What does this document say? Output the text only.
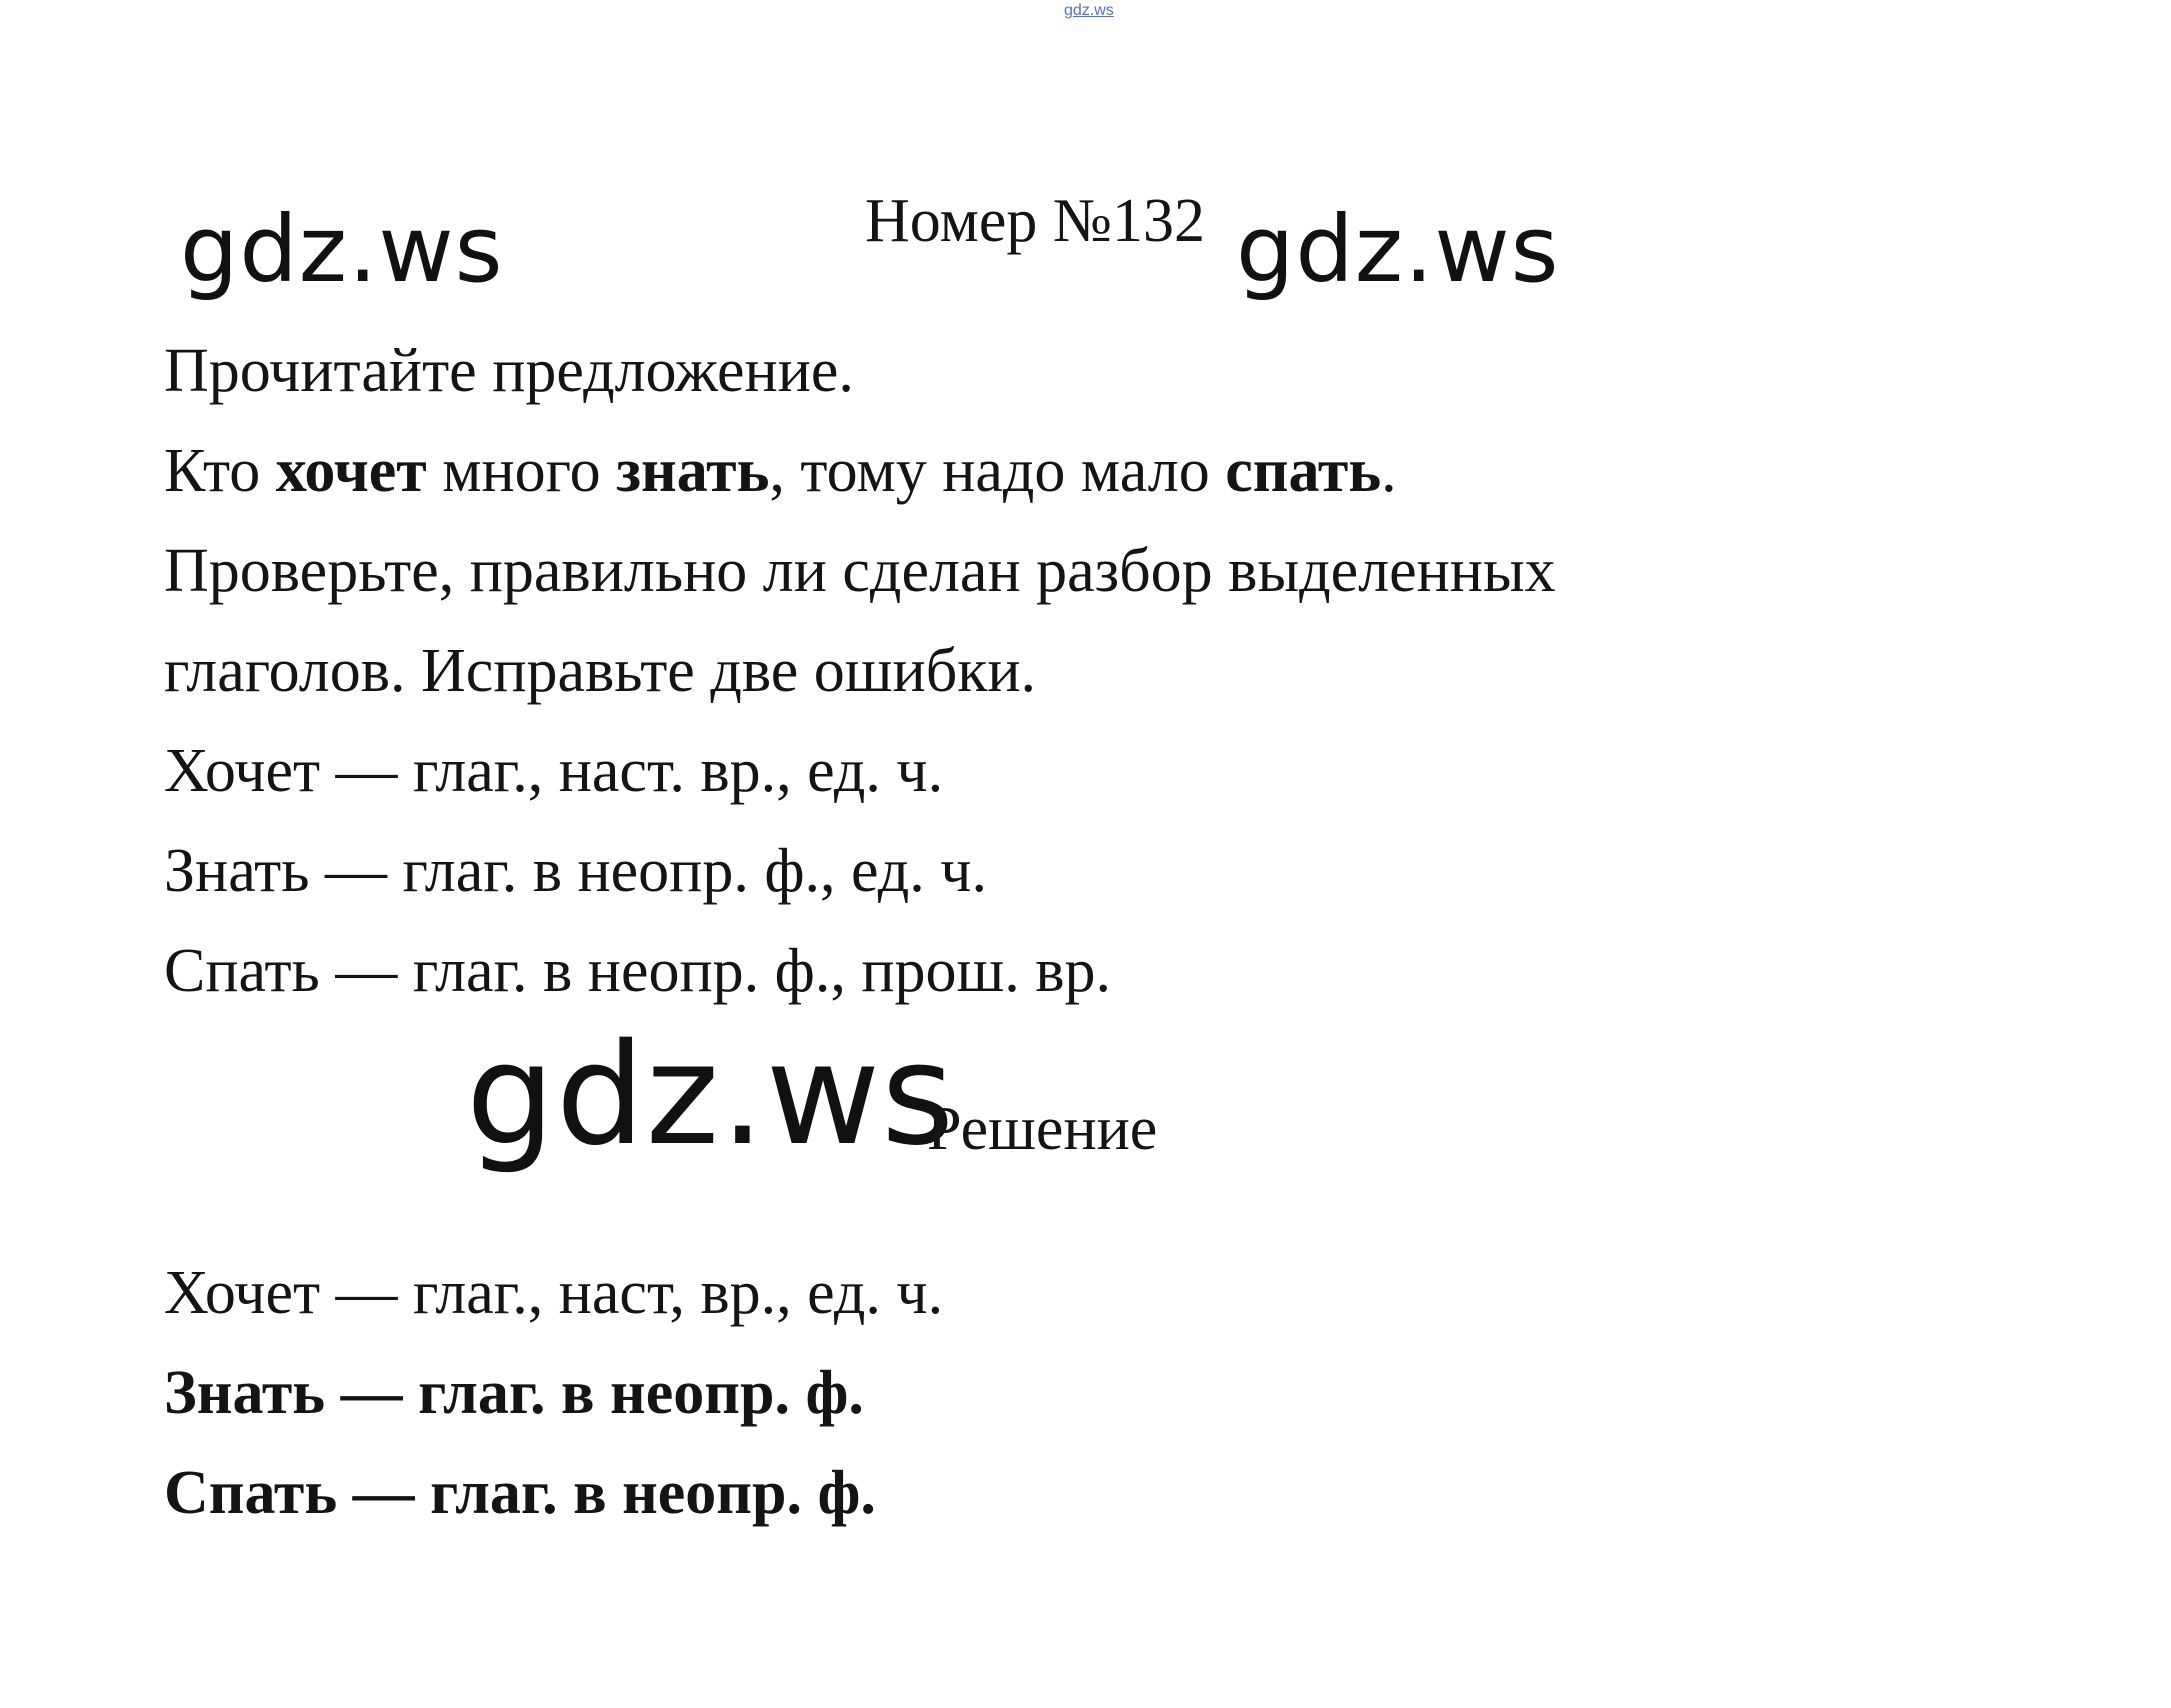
gdz.ws
gdz.ws	gdz.ws
gdz.ws
Номер №132
Прочитайте предложение.
Кто хочет много знать, тому надо мало спать.
Проверьте, правильно ли сделан разбор выделенных
глаголов. Исправьте две ошибки.
Хочет — глаг., наст. вр., ед. ч.
Знать — глаг. в неопр. ф., ед. ч.
Спать — глаг. в неопр. ф., прош. вр.
Решение
Хочет — глаг., наст, вр., ед. ч.
Знать — глаг. в неопр. ф.
Спать — глаг. в неопр. ф.
